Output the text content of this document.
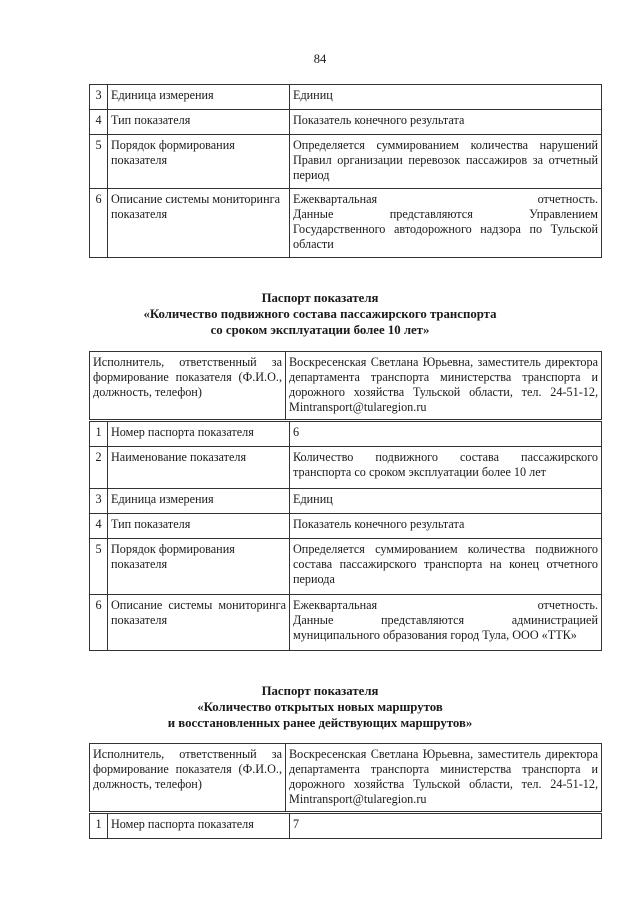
84
3	Единица измерения	Единиц
4	Тип показателя	Показатель конечного результата
5	Порядок формирования показателя	Определяется суммированием количества нарушений Правил организации перевозок пассажиров за отчетный период
6	Описание системы мониторинга показателя	Ежеквартальная отчетность.
Данные представляются Управлением
Государственного автодорожного надзора по Тульской области
Паспорт показателя
«Количество подвижного состава пассажирского транспорта
со сроком эксплуатации более 10 лет»
Исполнитель, ответственный за формирование показателя (Ф.И.О., должность, телефон)	Воскресенская Светлана Юрьевна, заместитель директора департамента транспорта министерства транспорта и дорожного хозяйства Тульской области, тел. 24-51-12, Mintransport@tularegion.ru
1	Номер паспорта показателя	6
2	Наименование показателя	Количество подвижного состава пассажирского транспорта со сроком эксплуатации более 10 лет
3	Единица измерения	Единиц
4	Тип показателя	Показатель конечного результата
5	Порядок формирования показателя	Определяется суммированием количества подвижного состава пассажирского транспорта на конец отчетного периода
6	Описание системы мониторинга показателя	Ежеквартальная отчетность.
Данные представляются администрацией
муниципального образования город Тула, ООО «ТТК»
Паспорт показателя
«Количество открытых новых маршрутов
и восстановленных ранее действующих маршрутов»
Исполнитель, ответственный за формирование показателя (Ф.И.О., должность, телефон)	Воскресенская Светлана Юрьевна, заместитель директора департамента транспорта министерства транспорта и дорожного хозяйства Тульской области, тел. 24-51-12, Mintransport@tularegion.ru
1	Номер паспорта показателя	7
